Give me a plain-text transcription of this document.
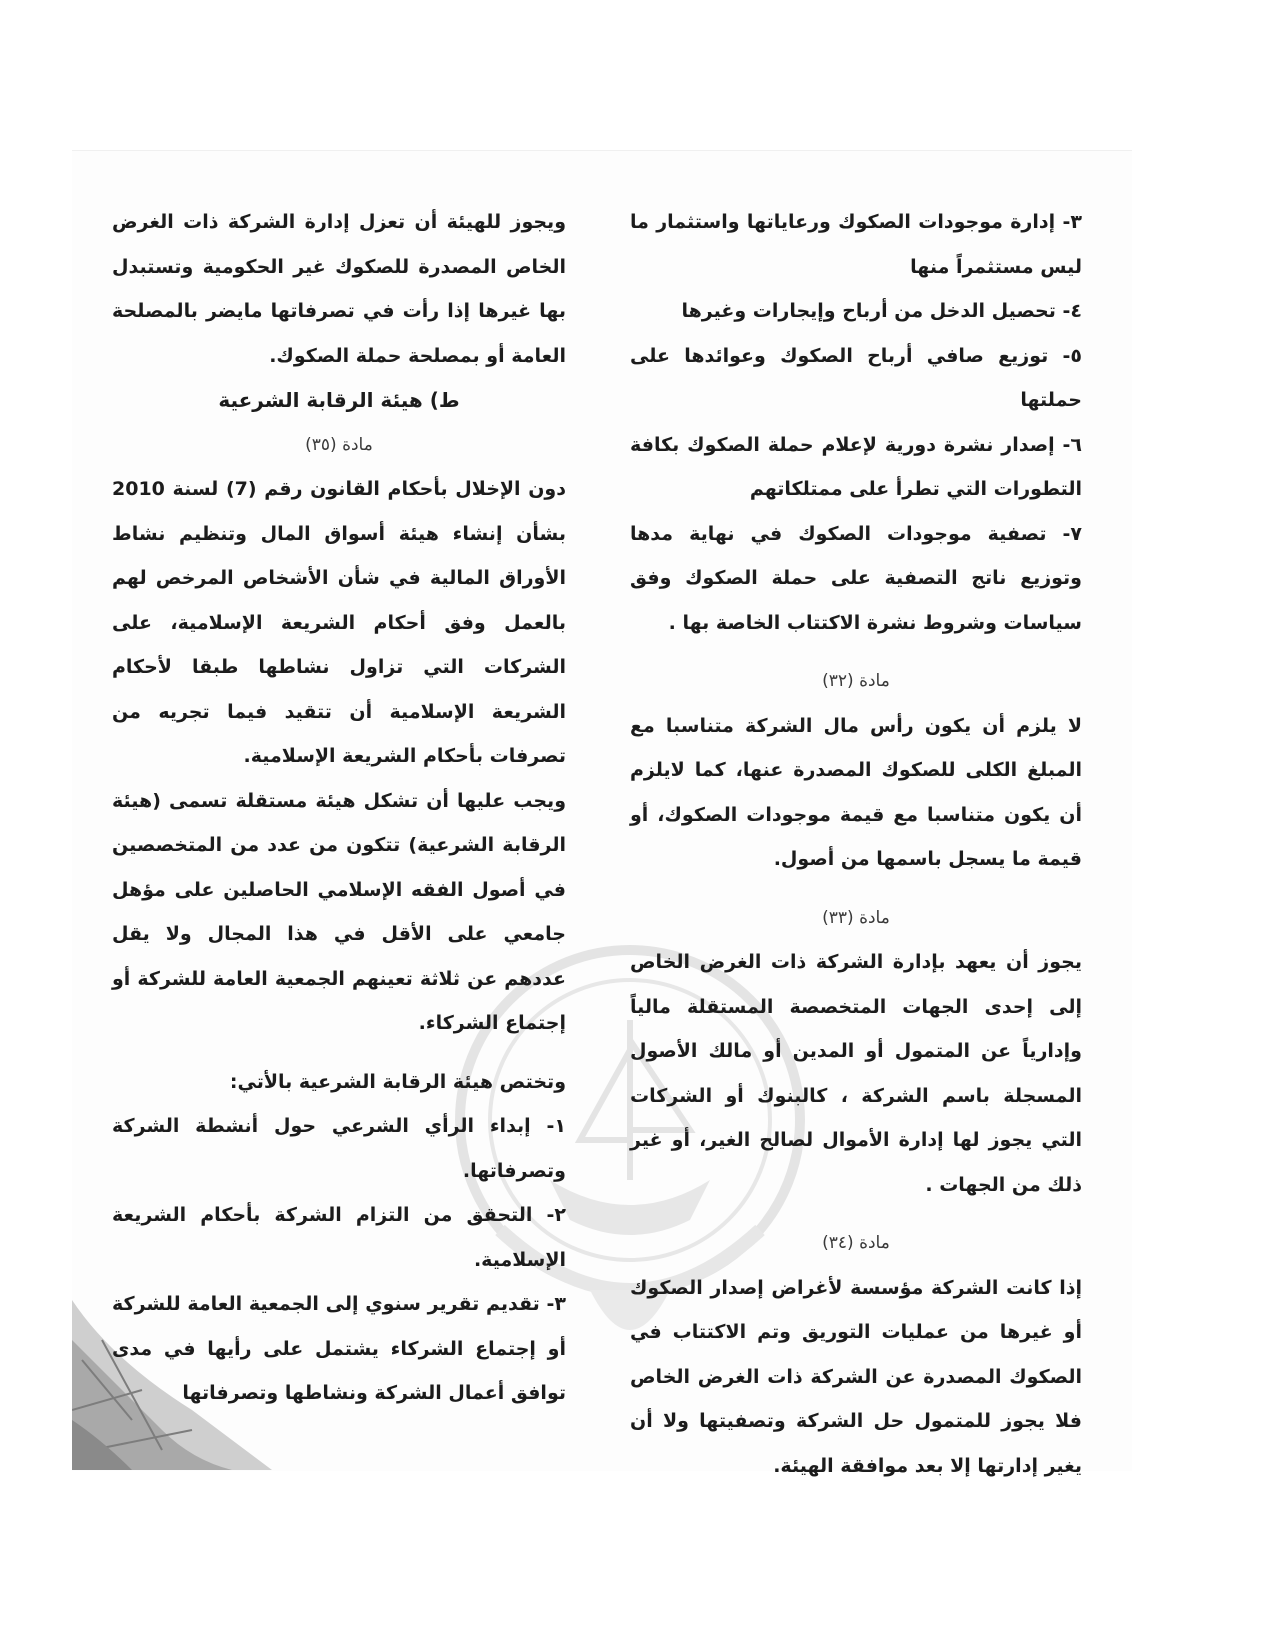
٣- إدارة موجودات الصكوك ورعاياتها واستثمار ما ليس مستثمراً منها

٤- تحصيل الدخل من أرباح وإيجارات وغيرها

٥- توزيع صافي أرباح الصكوك وعوائدها على حملتها

٦- إصدار نشرة دورية لإعلام حملة الصكوك بكافة التطورات التي تطرأ على ممتلكاتهم

٧- تصفية موجودات الصكوك في نهاية مدها وتوزيع ناتج التصفية على حملة الصكوك وفق سياسات وشروط نشرة الاكتتاب الخاصة بها .

مادة (٣٢)

لا يلزم أن يكون رأس مال الشركة متناسبا مع المبلغ الكلى للصكوك المصدرة عنها، كما لايلزم أن يكون متناسبا مع قيمة موجودات الصكوك، أو قيمة ما يسجل باسمها من أصول.

مادة (٣٣)

يجوز أن يعهد بإدارة الشركة ذات الغرض الخاص إلى إحدى الجهات المتخصصة المستقلة مالياً وإدارياً عن المتمول أو المدين أو مالك الأصول المسجلة باسم الشركة ، كالبنوك أو الشركات التي يجوز لها إدارة الأموال لصالح الغير، أو غير ذلك من الجهات .

مادة (٣٤)

إذا كانت الشركة مؤسسة لأغراض إصدار الصكوك أو غيرها من عمليات التوريق وتم الاكتتاب في الصكوك المصدرة عن الشركة ذات الغرض الخاص فلا يجوز للمتمول حل الشركة وتصفيتها ولا أن يغير إدارتها إلا بعد موافقة الهيئة.

ويجوز للهيئة أن تعزل إدارة الشركة ذات الغرض الخاص المصدرة للصكوك غير الحكومية وتستبدل بها غيرها إذا رأت في تصرفاتها مايضر بالمصلحة العامة أو بمصلحة حملة الصكوك.

ط) هيئة الرقابة الشرعية

مادة (٣٥)

دون الإخلال بأحكام القانون رقم (7) لسنة 2010 بشأن إنشاء هيئة أسواق المال وتنظيم نشاط الأوراق المالية في شأن الأشخاص المرخص لهم بالعمل وفق أحكام الشريعة الإسلامية، على الشركات التي تزاول نشاطها طبقا لأحكام الشريعة الإسلامية أن تتقيد فيما تجريه من تصرفات بأحكام الشريعة الإسلامية.

ويجب عليها أن تشكل هيئة مستقلة تسمى (هيئة الرقابة الشرعية) تتكون من عدد من المتخصصين في أصول الفقه الإسلامي الحاصلين على مؤهل جامعي على الأقل في هذا المجال ولا يقل عددهم عن ثلاثة تعينهم الجمعية العامة للشركة أو إجتماع الشركاء.

وتختص هيئة الرقابة الشرعية بالأتي:

١- إبداء الرأي الشرعي حول أنشطة الشركة وتصرفاتها.

٢- التحقق من التزام الشركة بأحكام الشريعة الإسلامية.

٣- تقديم تقرير سنوي إلى الجمعية العامة للشركة أو إجتماع الشركاء يشتمل على رأيها في مدى توافق أعمال الشركة ونشاطها وتصرفاتها
